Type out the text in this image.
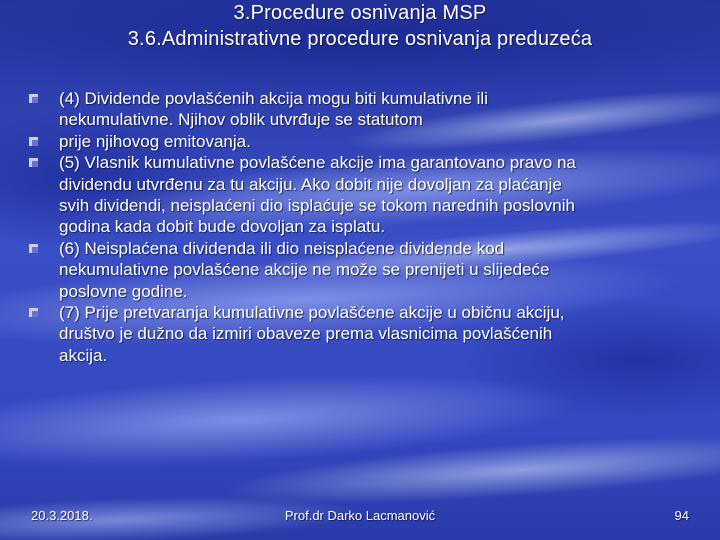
3.Procedure osnivanja MSP
3.6.Administrativne procedure osnivanja preduzeća
(4) Dividende povlašćenih akcija mogu biti kumulativne ili
nekumulativne. Njihov oblik utvrđuje se statutom
prije njihovog emitovanja.
(5) Vlasnik kumulativne povlašćene akcije ima garantovano pravo na
dividendu utvrđenu za tu akciju. Ako dobit nije dovoljan za plaćanje
svih dividendi, neisplaćeni dio isplaćuje se tokom narednih poslovnih
godina kada dobit bude dovoljan za isplatu.
(6) Neisplaćena dividenda ili dio neisplaćene dividende kod
nekumulativne povlašćene akcije ne može se prenijeti u slijedeće
poslovne godine.
(7) Prije pretvaranja kumulativne povlašćene akcije u običnu akciju,
društvo je dužno da izmiri obaveze prema vlasnicima povlašćenih
akcija.
20.3.2018.	Prof.dr Darko Lacmanović	94
